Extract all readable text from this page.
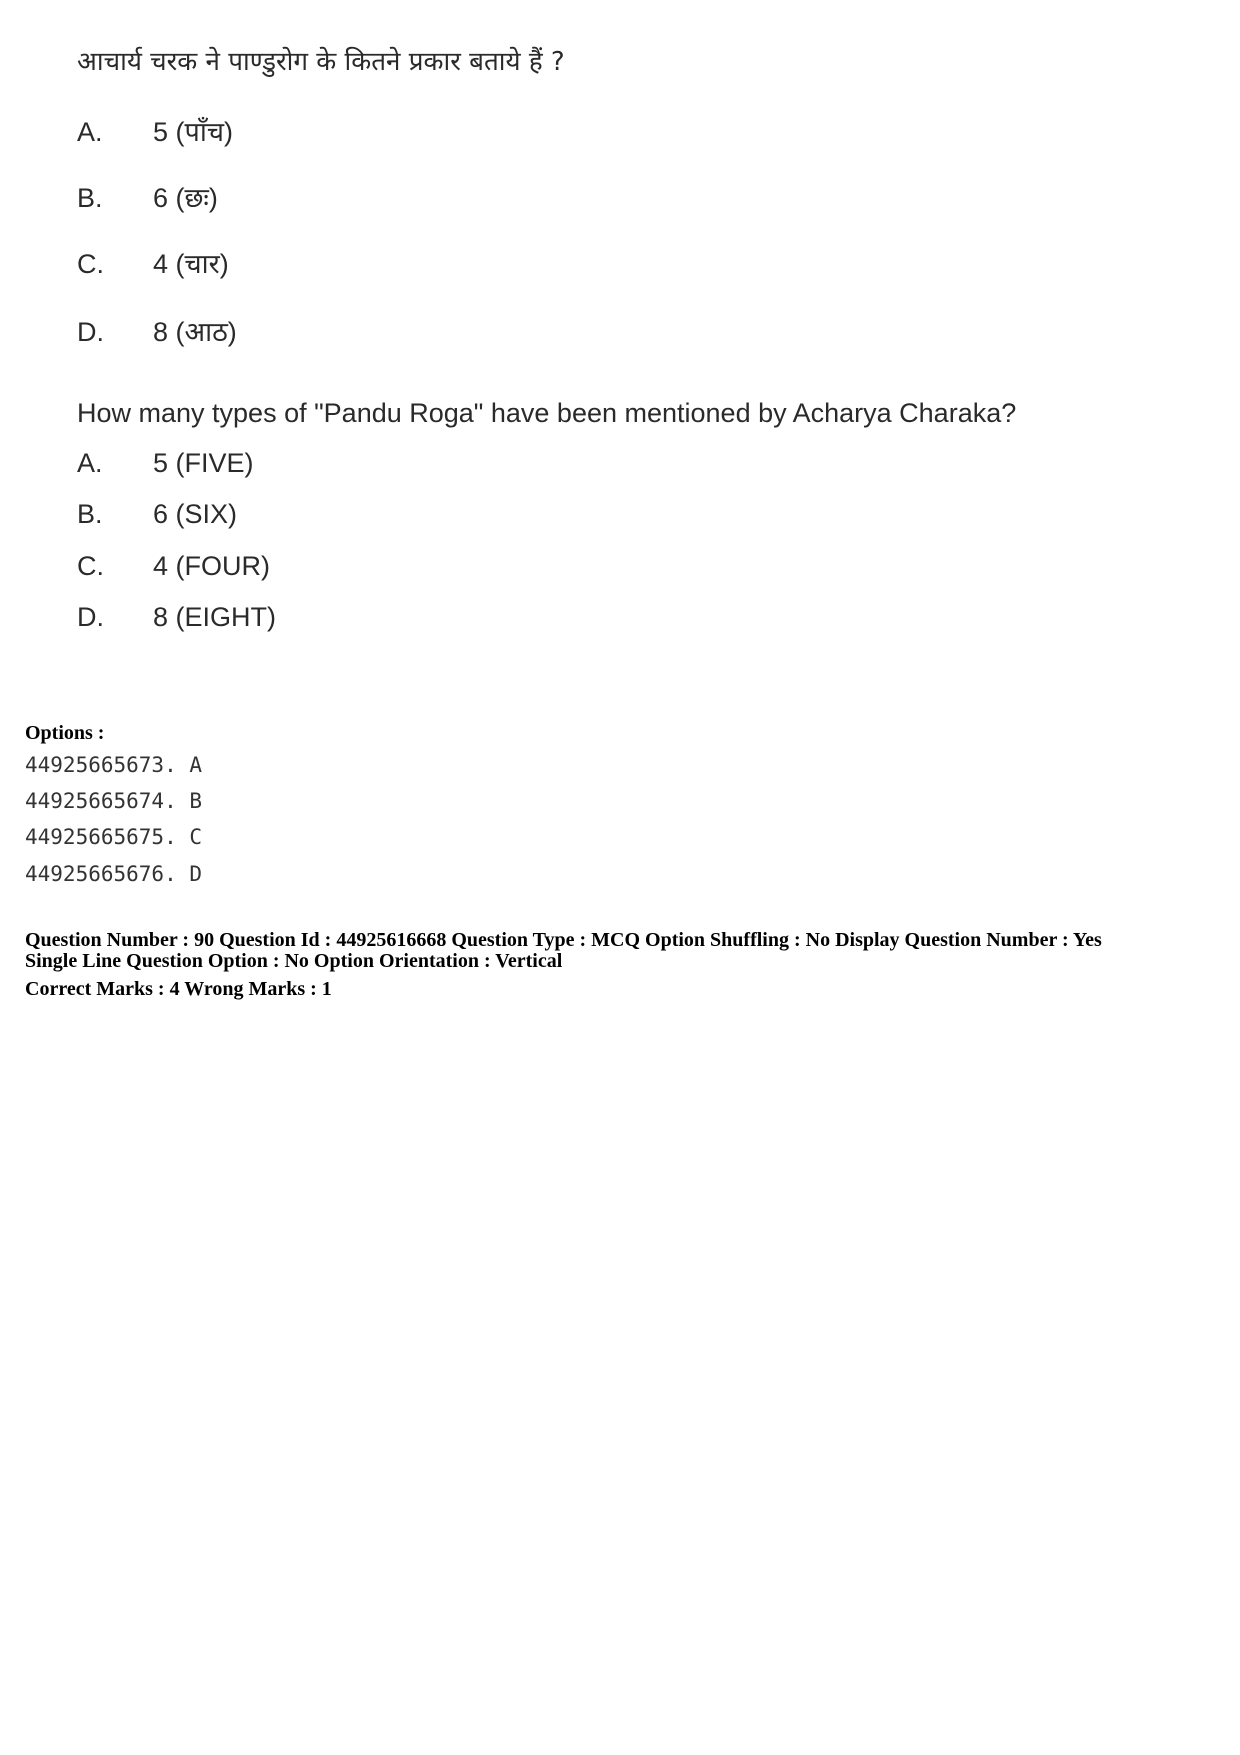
आचार्य चरक ने पाण्डुरोग के कितने प्रकार बताये हैं ?
A. 5 (पाँच)
B. 6 (छः)
C. 4 (चार)
D. 8 (आठ)
How many types of "Pandu Roga" have been mentioned by Acharya Charaka?
A. 5 (FIVE)
B. 6 (SIX)
C. 4 (FOUR)
D. 8 (EIGHT)
Options :
44925665673. A
44925665674. B
44925665675. C
44925665676. D
Question Number : 90 Question Id : 44925616668 Question Type : MCQ Option Shuffling : No Display Question Number : Yes
Single Line Question Option : No Option Orientation : Vertical
Correct Marks : 4 Wrong Marks : 1
